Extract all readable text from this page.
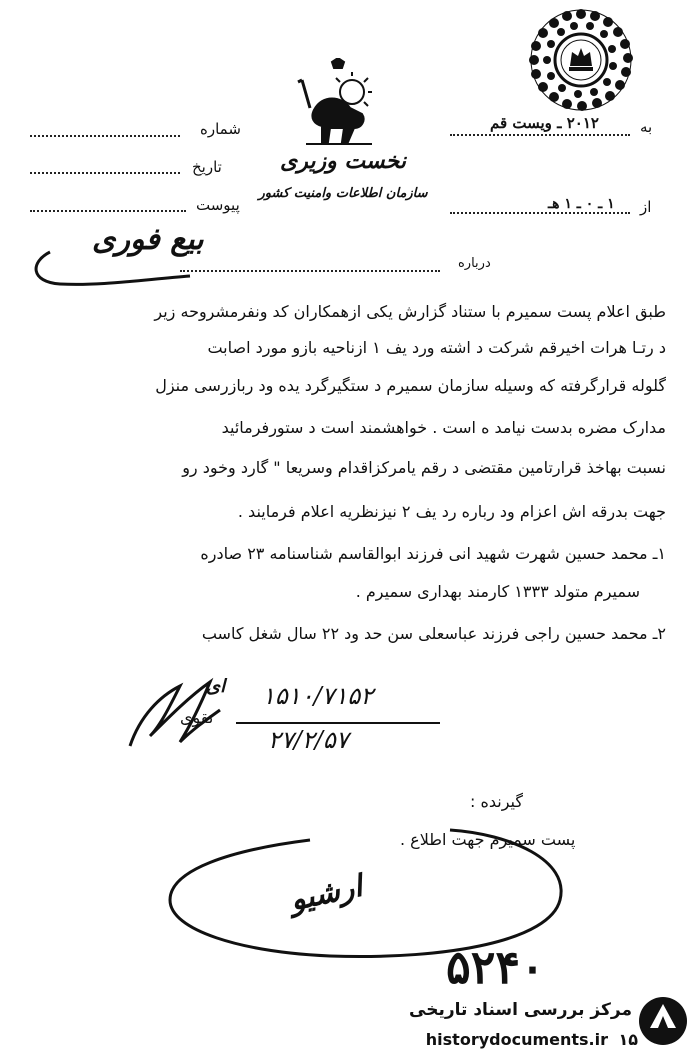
نخست وزیری
سازمان اطلاعات وامنیت کشور
شماره
تاریخ
پیوست
به
۲۰۱۲ ـ ویست قم
از
۱ ـ ۰ ـ ۱ هـ
درباره
بیع فوری
طبق اعلام پست سمیرم با ستناد گزارش یکی ازهمکاران کد ونفرمشروحه زیر
د رتـا هرات اخیرقم شرکت د اشته ورد یف ۱ ازناحیه بازو مورد اصابت
گلوله قرارگرفته که وسیله سازمان سمیرم د ستگیرگرد یده ود ربازرسی منزل
مدارک مضره بدست نیامد ه است . خواهشمند است د ستورفرمائید
نسبت بهاخذ قرارتامین مقتضی د رقم یامرکزاقدام وسریعا " گارد وخود رو
جهت بدرقه اش اعزام ود رباره رد یف ۲ نیزنظریه اعلام فرمایند .
۱ـ محمد حسین شهرت شهید انی فرزند ابوالقاسم شناسنامه ۲۳ صادره
سمیرم متولد ۱۳۳۳ کارمند بهداری سمیرم .
۲ـ محمد حسین راجی فرزند عباسعلی سن حد ود ۲۲ سال شغل کاسب
ای
تقوی
۱۵۱۰/۷۱۵۲
۲۷/۲/۵۷
گیرنده :
پست سمیرم جهت اطلاع .
ارشیو
۵۲۴۰
مرکز بررسی اسناد تاریخی
historydocuments.ir ۱۵
